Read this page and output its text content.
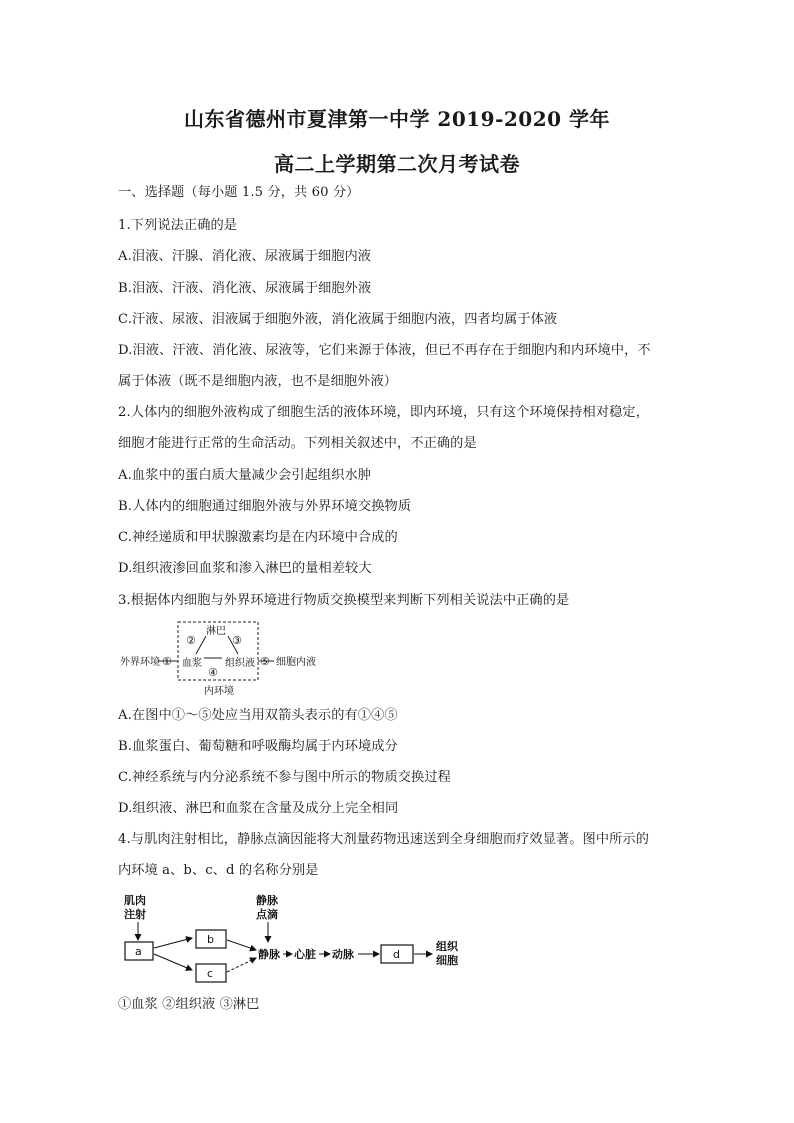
山东省德州市夏津第一中学 2019-2020 学年
高二上学期第二次月考试卷
一、选择题（每小题 1.5 分，共 60 分）
1.下列说法正确的是
A.泪液、汗腺、消化液、尿液属于细胞内液
B.泪液、汗液、消化液、尿液属于细胞外液
C.汗液、尿液、泪液属于细胞外液，消化液属于细胞内液，四者均属于体液
D.泪液、汗液、消化液、尿液等，它们来源于体液，但已不再存在于细胞内和内环境中，不
属于体液（既不是细胞内液，也不是细胞外液）
2.人体内的细胞外液构成了细胞生活的液体环境，即内环境，只有这个环境保持相对稳定，
细胞才能进行正常的生命活动。下列相关叙述中，不正确的是
A.血浆中的蛋白质大量减少会引起组织水肿
B.人体内的细胞通过细胞外液与外界环境交换物质
C.神经递质和甲状腺激素均是在内环境中合成的
D.组织液渗回血浆和渗入淋巴的量相差较大
3.根据体内细胞与外界环境进行物质交换模型来判断下列相关说法中正确的是
外界环境	细胞内液
淋巴
血浆 组织液
内环境
①
②	③
④
⑤
A.在图中①～⑤处应当用双箭头表示的有①④⑤
B.血浆蛋白、葡萄糖和呼吸酶均属于内环境成分
C.神经系统与内分泌系统不参与图中所示的物质交换过程
D.组织液、淋巴和血浆在含量及成分上完全相同
4.与肌肉注射相比，静脉点滴因能将大剂量药物迅速送到全身细胞而疗效显著。图中所示的
内环境 a、b、c、d 的名称分别是
肌肉
注射
a
b
c
静脉
点滴
静脉 心脏 动脉	d
组织
细胞
①血浆 ②组织液 ③淋巴
